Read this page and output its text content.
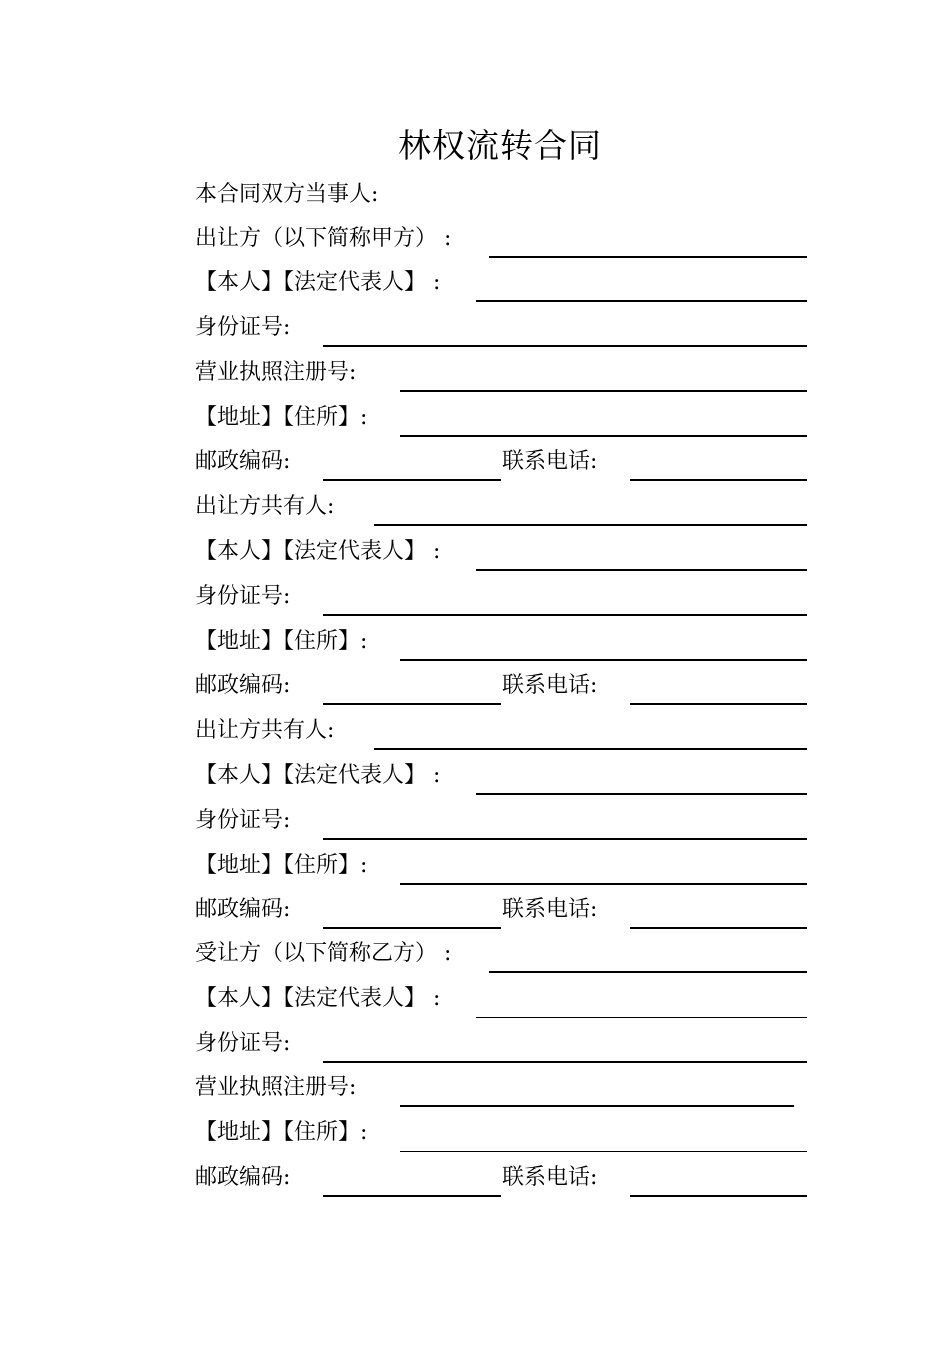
林权流转合同
本合同双方当事人:
出让方（以下简称甲方） :
【本人】【法定代表人】 :
身份证号:
营业执照注册号:
【地址】【住所】:
邮政编码:	联系电话:
出让方共有人:
【本人】【法定代表人】 :
身份证号:
【地址】【住所】:
邮政编码:	联系电话:
出让方共有人:
【本人】【法定代表人】 :
身份证号:
【地址】【住所】:
邮政编码:	联系电话:
受让方（以下简称乙方） :
【本人】【法定代表人】 :
身份证号:
营业执照注册号:
【地址】【住所】:
邮政编码:	联系电话:
